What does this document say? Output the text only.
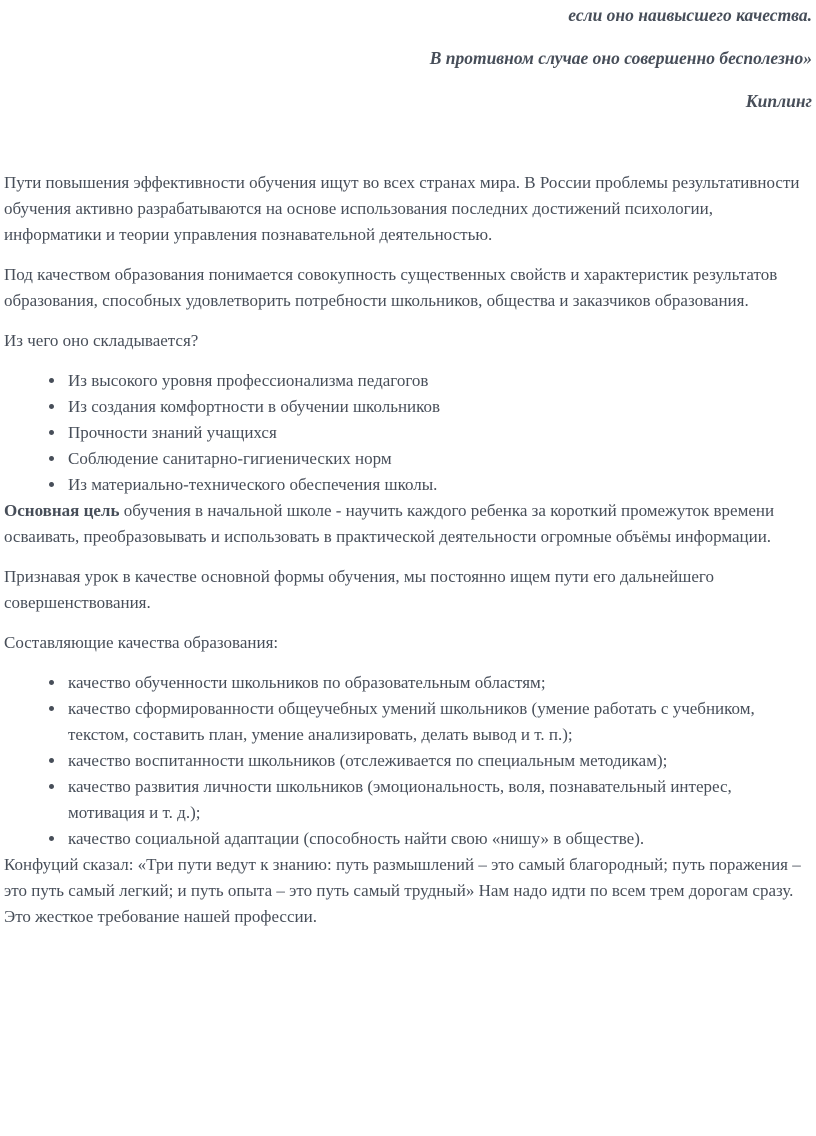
если оно наивысшего качества.

В противном случае оно совершенно бесполезно»

Киплинг

Пути повышения эффективности обучения ищут во всех странах мира. В России проблемы результативности обучения активно разрабатываются на основе использования последних достижений психологии, информатики и теории управления познавательной деятельностью.

Под качеством образования понимается совокупность существенных свойств и характеристик результатов образования, способных удовлетворить потребности школьников, общества и заказчиков образования.

Из чего оно складывается?

• Из высокого уровня профессионализма педагогов
• Из создания комфортности в обучении школьников
• Прочности знаний учащихся
• Соблюдение санитарно-гигиенических норм
• Из материально-технического обеспечения школы.

Основная цель обучения в начальной школе - научить каждого ребенка за короткий промежуток времени осваивать, преобразовывать и использовать в практической деятельности огромные объёмы информации.

Признавая урок в качестве основной формы обучения, мы постоянно ищем пути его дальнейшего совершенствования.

Составляющие качества образования:

• качество обученности школьников по образовательным областям;
• качество сформированности общеучебных умений школьников (умение работать с учебником, текстом, составить план, умение анализировать, делать вывод и т. п.);
• качество воспитанности школьников (отслеживается по специальным методикам);
• качество развития личности школьников (эмоциональность, воля, познавательный интерес, мотивация и т. д.);
• качество социальной адаптации (способность найти свою «нишу» в обществе).

Конфуций сказал: «Три пути ведут к знанию: путь размышлений – это самый благородный; путь поражения – это путь самый легкий; и путь опыта – это путь самый трудный» Нам надо идти по всем трем дорогам сразу. Это жесткое требование нашей профессии.
